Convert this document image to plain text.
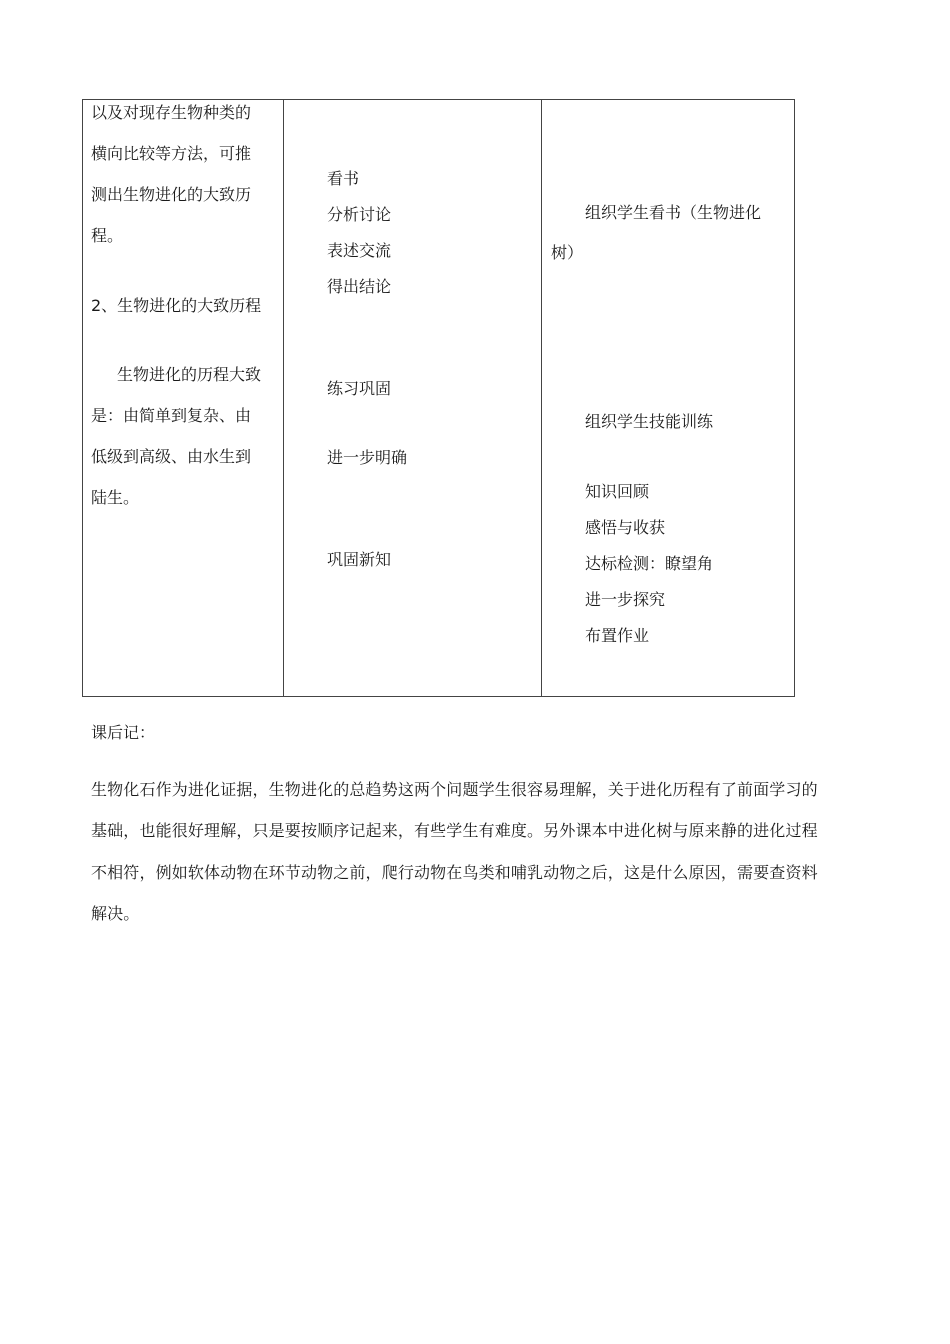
以及对现存生物种类的
横向比较等方法，可推
测出生物进化的大致历
程。
2、生物进化的大致历程
生物进化的历程大致
是：由简单到复杂、由
低级到高级、由水生到
陆生。
看书
分析讨论
表述交流
得出结论
练习巩固
进一步明确
巩固新知
组织学生看书（生物进化
树）
组织学生技能训练
知识回顾
感悟与收获
达标检测：瞭望角
进一步探究
布置作业
课后记：
生物化石作为进化证据，生物进化的总趋势这两个问题学生很容易理解，关于进化历程有了前面学习的
基础，也能很好理解，只是要按顺序记起来，有些学生有难度。另外课本中进化树与原来静的进化过程
不相符，例如软体动物在环节动物之前，爬行动物在鸟类和哺乳动物之后，这是什么原因，需要查资料
解决。
